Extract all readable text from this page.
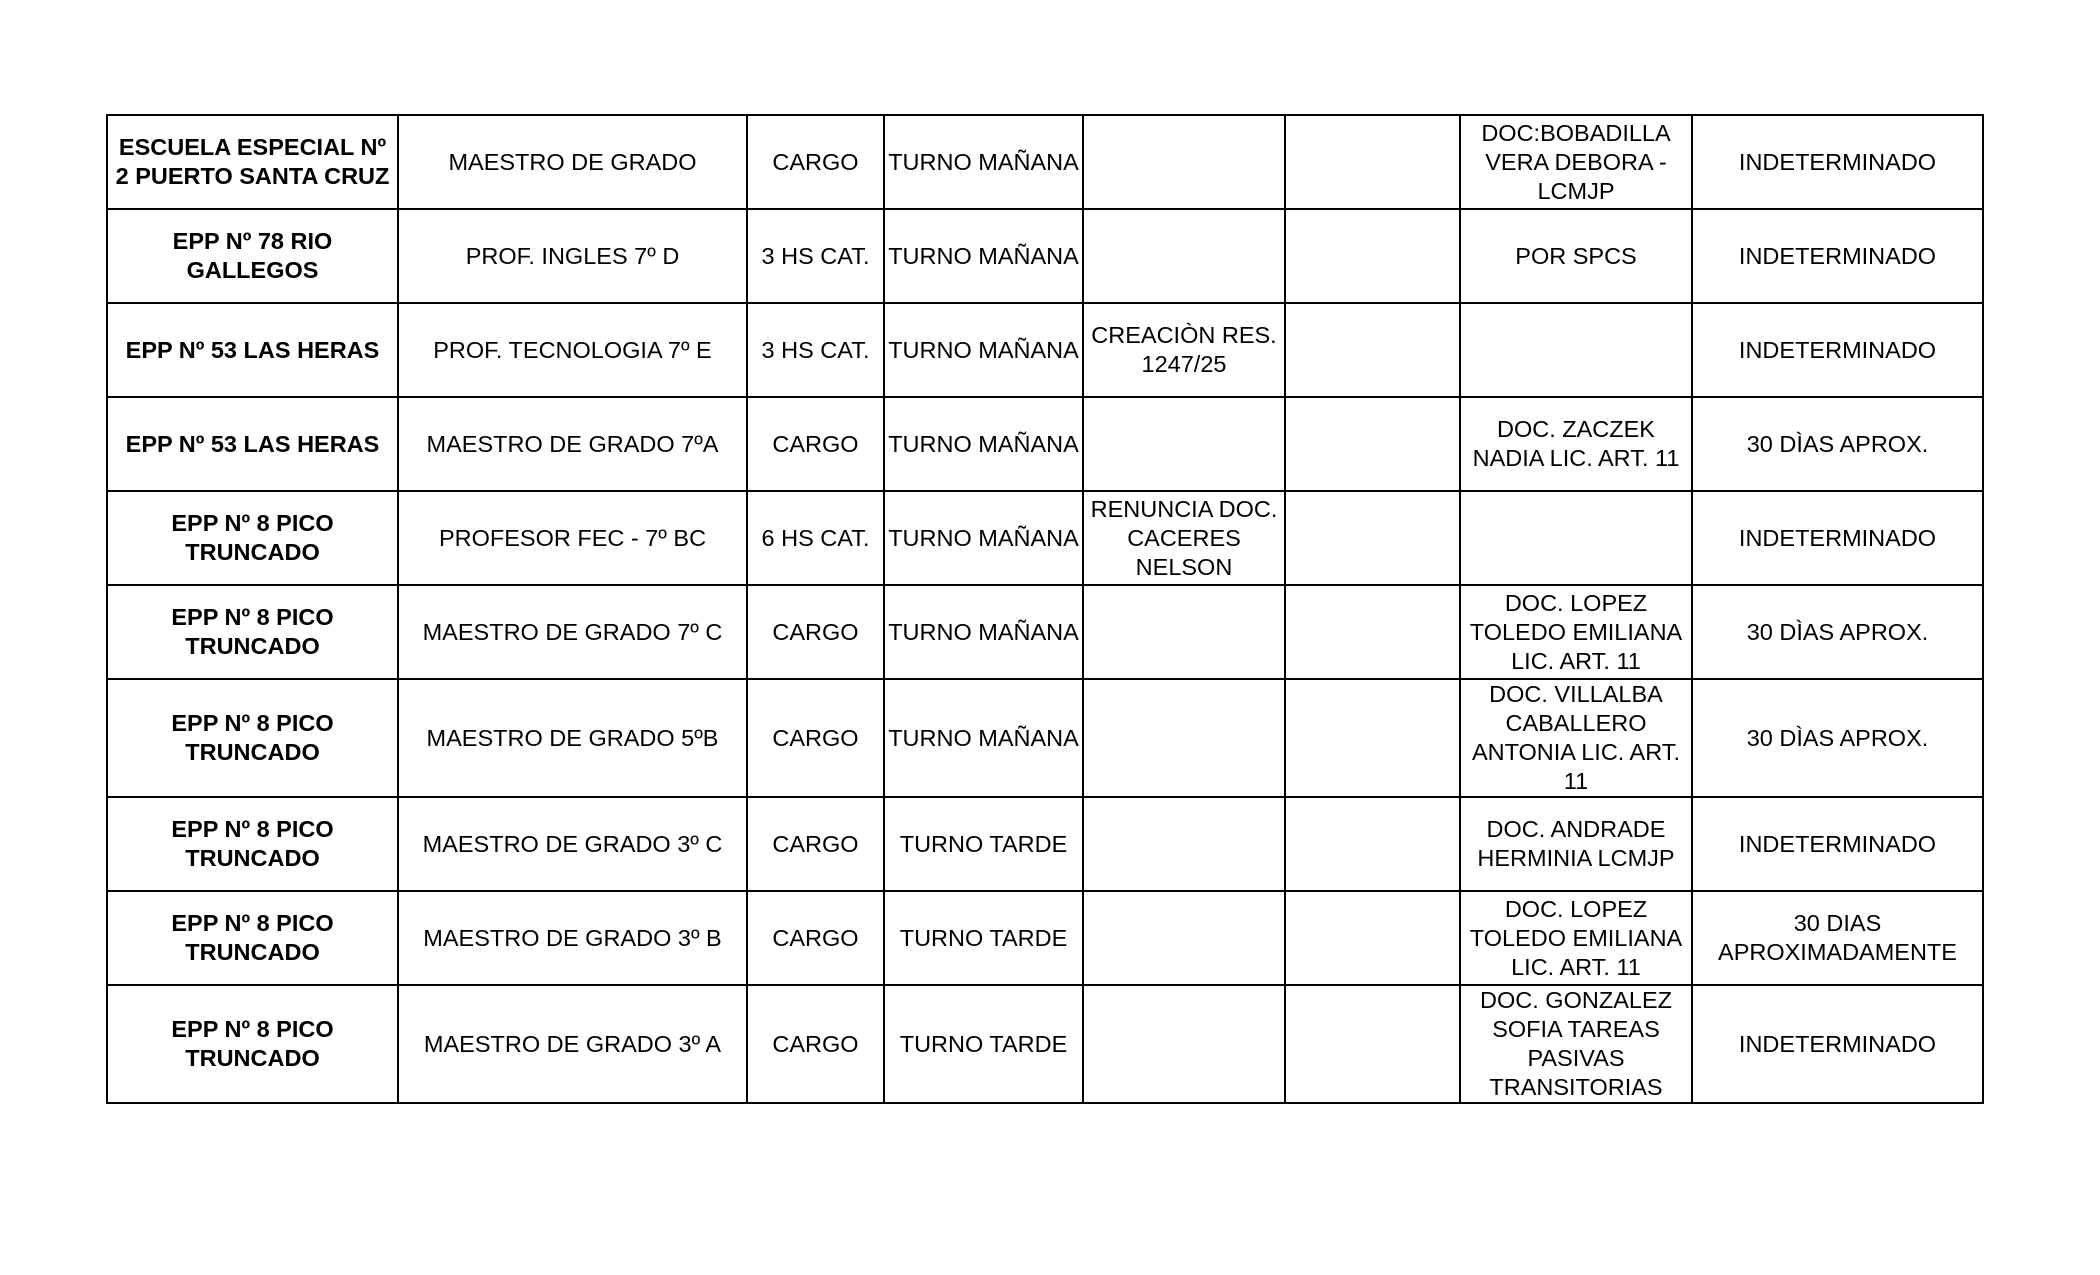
ESCUELA ESPECIAL Nº
2 PUERTO SANTA CRUZ	MAESTRO DE GRADO	CARGO	TURNO MAÑANA			DOC:BOBADILLA
VERA DEBORA -
LCMJP	INDETERMINADO
EPP Nº 78 RIO
GALLEGOS	PROF. INGLES 7º D	3 HS CAT.	TURNO MAÑANA			POR SPCS	INDETERMINADO
EPP Nº 53 LAS HERAS	PROF. TECNOLOGIA 7º E	3 HS CAT.	TURNO MAÑANA	CREACIÒN RES.
1247/25			INDETERMINADO
EPP Nº 53 LAS HERAS	MAESTRO DE GRADO 7ºA	CARGO	TURNO MAÑANA			DOC. ZACZEK
NADIA LIC. ART. 11	30 DÌAS APROX.
EPP Nº 8 PICO
TRUNCADO	PROFESOR FEC - 7º BC	6 HS CAT.	TURNO MAÑANA	RENUNCIA DOC.
CACERES
NELSON			INDETERMINADO
EPP Nº 8 PICO
TRUNCADO	MAESTRO DE GRADO 7º C	CARGO	TURNO MAÑANA			DOC. LOPEZ
TOLEDO EMILIANA
LIC. ART. 11	30 DÌAS APROX.
EPP Nº 8 PICO
TRUNCADO	MAESTRO DE GRADO 5ºB	CARGO	TURNO MAÑANA			DOC. VILLALBA
CABALLERO
ANTONIA LIC. ART.
11	30 DÌAS APROX.
EPP Nº 8 PICO
TRUNCADO	MAESTRO DE GRADO 3º C	CARGO	TURNO TARDE			DOC. ANDRADE
HERMINIA LCMJP	INDETERMINADO
EPP Nº 8 PICO
TRUNCADO	MAESTRO DE GRADO 3º B	CARGO	TURNO TARDE			DOC. LOPEZ
TOLEDO EMILIANA
LIC. ART. 11	30 DIAS
APROXIMADAMENTE
EPP Nº 8 PICO
TRUNCADO	MAESTRO DE GRADO 3º A	CARGO	TURNO TARDE			DOC. GONZALEZ
SOFIA TAREAS
PASIVAS
TRANSITORIAS	INDETERMINADO
